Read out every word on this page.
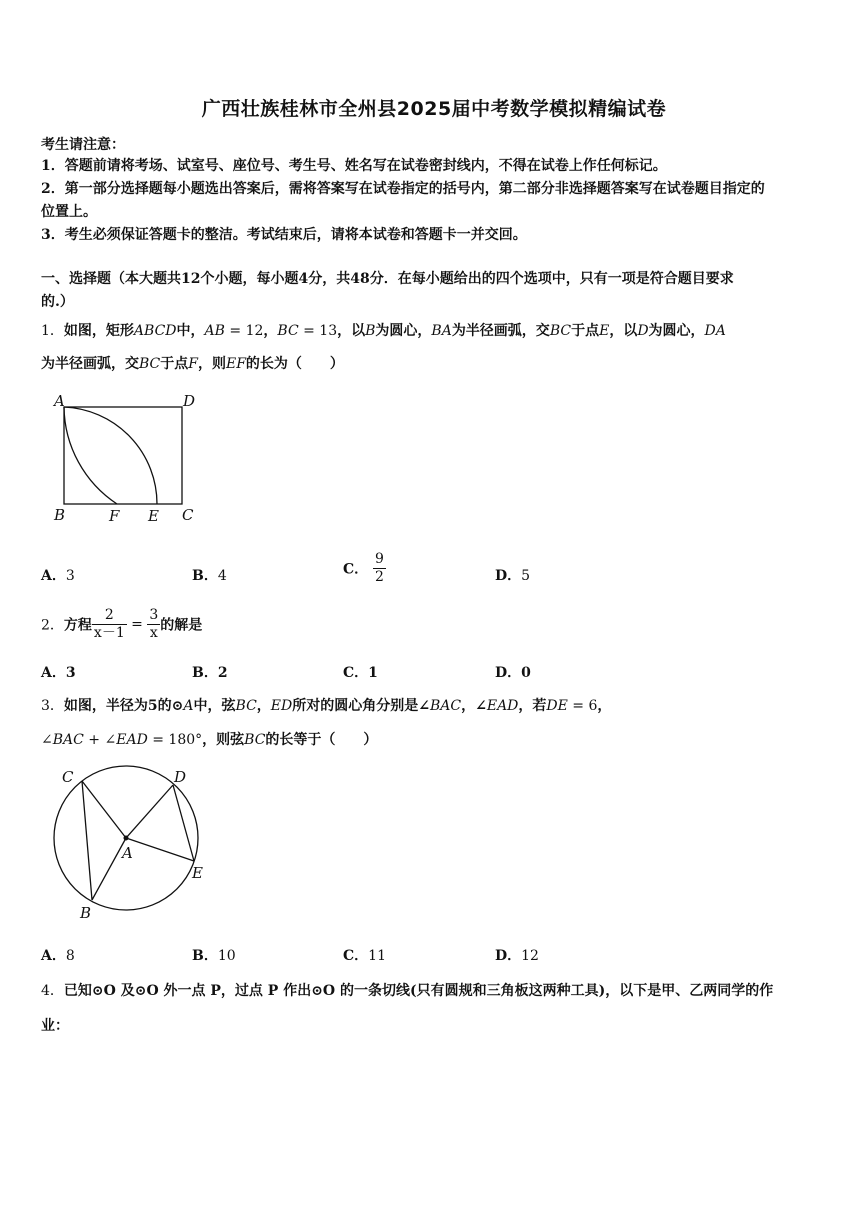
广西壮族桂林市全州县2025届中考数学模拟精编试卷
考生请注意：
1．答题前请将考场、试室号、座位号、考生号、姓名写在试卷密封线内，不得在试卷上作任何标记。
2．第一部分选择题每小题选出答案后，需将答案写在试卷指定的括号内，第二部分非选择题答案写在试卷题目指定的
位置上。
3．考生必须保证答题卡的整洁。考试结束后，请将本试卷和答题卡一并交回。
一、选择题（本大题共12个小题，每小题4分，共48分．在每小题给出的四个选项中，只有一项是符合题目要求
的.）
1．如图，矩形ABCD中，AB = 12，BC = 13，以B为圆心，BA为半径画弧，交BC于点E，以D为圆心，DA
为半径画弧，交BC于点F，则EF的长为（　　）
A	D
B	F E C
A．3	B．4	C． $\frac{9}{2}$	D．5
2．方程 $\frac{2}{x-1} = \frac{3}{x}$ 的解是
A．3	B．2	C．1	D．0
3．如图，半径为5的⊙A中，弦BC，ED所对的圆心角分别是∠BAC，∠EAD，若DE = 6，
∠BAC + ∠EAD = 180°，则弦BC的长等于（　　）
C	D
A
E
B
A．8	B．10	C．11	D．12
4．已知⊙O 及⊙O 外一点 P，过点 P 作出⊙O 的一条切线(只有圆规和三角板这两种工具)，以下是甲、乙两同学的作
业：
